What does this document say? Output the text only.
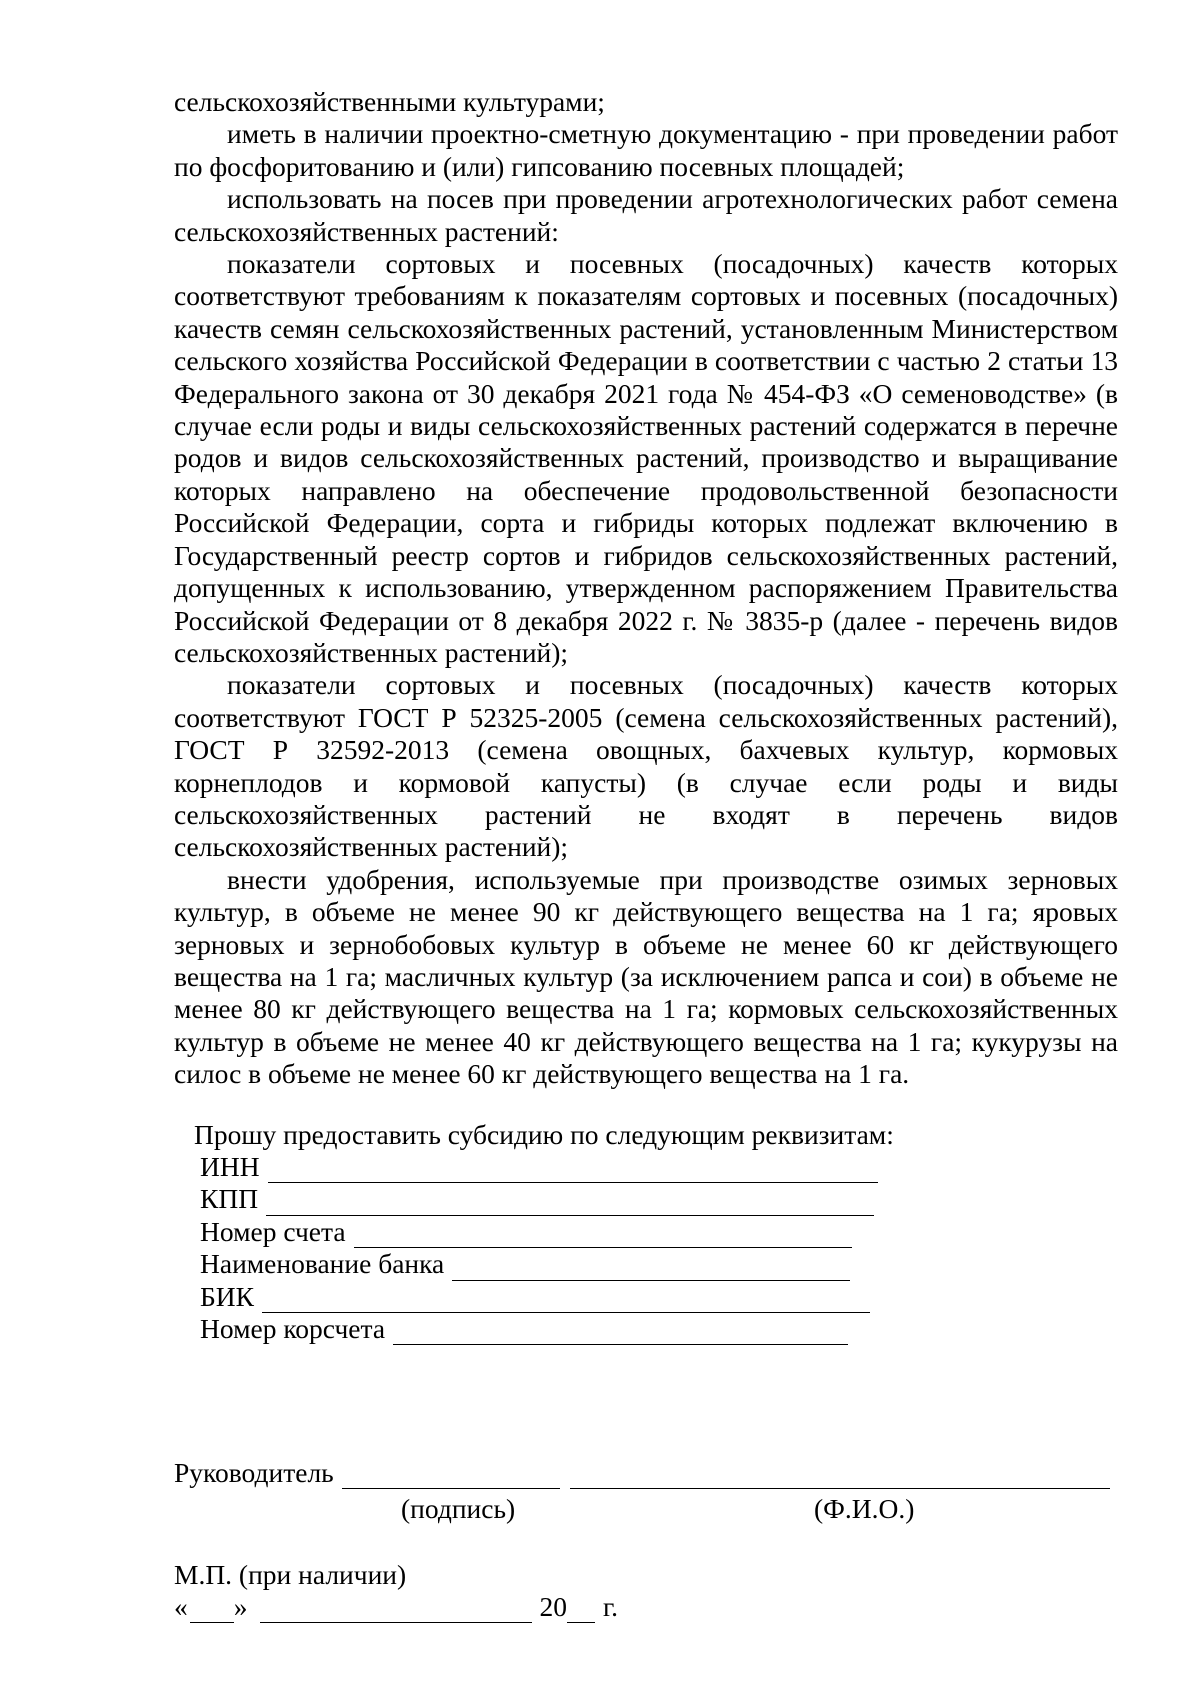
сельскохозяйственными культурами;

иметь в наличии проектно-сметную документацию - при проведении работ по фосфоритованию и (или) гипсованию посевных площадей;

использовать на посев при проведении агротехнологических работ семена сельскохозяйственных растений:

показатели сортовых и посевных (посадочных) качеств которых соответствуют требованиям к показателям сортовых и посевных (посадочных) качеств семян сельскохозяйственных растений, установленным Министерством сельского хозяйства Российской Федерации в соответствии с частью 2 статьи 13 Федерального закона от 30 декабря 2021 года № 454-ФЗ «О семеноводстве» (в случае если роды и виды сельскохозяйственных растений содержатся в перечне родов и видов сельскохозяйственных растений, производство и выращивание которых направлено на обеспечение продовольственной безопасности Российской Федерации, сорта и гибриды которых подлежат включению в Государственный реестр сортов и гибридов сельскохозяйственных растений, допущенных к использованию, утвержденном распоряжением Правительства Российской Федерации от 8 декабря 2022 г. № 3835-р (далее - перечень видов сельскохозяйственных растений);

показатели сортовых и посевных (посадочных) качеств которых соответствуют ГОСТ Р 52325-2005 (семена сельскохозяйственных растений), ГОСТ Р 32592-2013 (семена овощных, бахчевых культур, кормовых корнеплодов и кормовой капусты) (в случае если роды и виды сельскохозяйственных растений не входят в перечень видов сельскохозяйственных растений);

внести удобрения, используемые при производстве озимых зерновых культур, в объеме не менее 90 кг действующего вещества на 1 га; яровых зерновых и зернобобовых культур в объеме не менее 60 кг действующего вещества на 1 га; масличных культур (за исключением рапса и сои) в объеме не менее 80 кг действующего вещества на 1 га; кормовых сельскохозяйственных культур в объеме не менее 40 кг действующего вещества на 1 га; кукурузы на силос в объеме не менее 60 кг действующего вещества на 1 га.

Прошу предоставить субсидию по следующим реквизитам:
ИНН
КПП
Номер счета
Наименование банка
БИК
Номер корсчета
Руководитель
(подпись)	(Ф.И.О.)
М.П. (при наличии)
« »	20 г.
